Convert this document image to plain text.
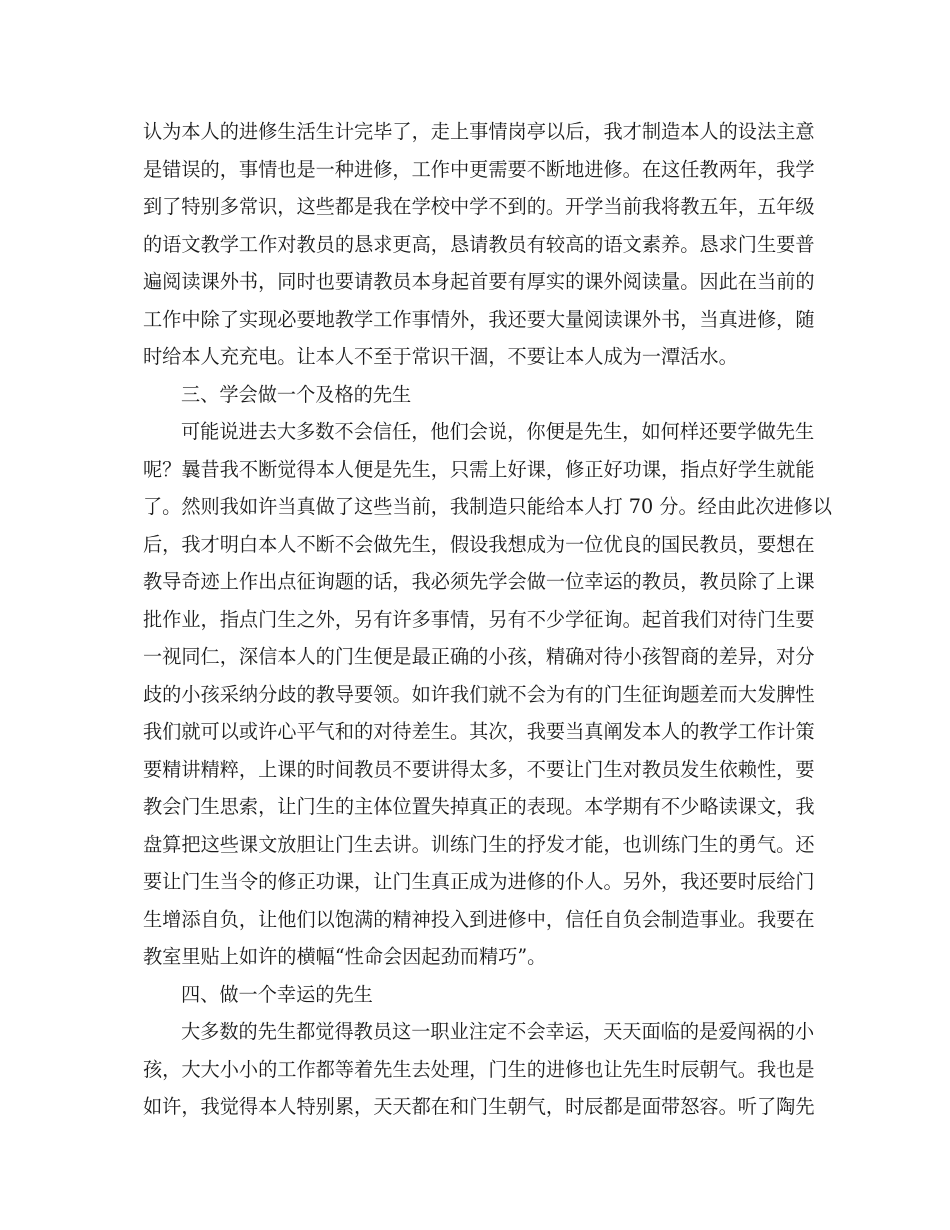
认为本人的进修生活生计完毕了，走上事情岗亭以后，我才制造本人的设法主意
是错误的，事情也是一种进修，工作中更需要不断地进修。在这任教两年，我学
到了特别多常识，这些都是我在学校中学不到的。开学当前我将教五年，五年级
的语文教学工作对教员的恳求更高，恳请教员有较高的语文素养。恳求门生要普
遍阅读课外书，同时也要请教员本身起首要有厚实的课外阅读量。因此在当前的
工作中除了实现必要地教学工作事情外，我还要大量阅读课外书，当真进修，随
时给本人充充电。让本人不至于常识干涸，不要让本人成为一潭活水。
三、学会做一个及格的先生
可能说进去大多数不会信任，他们会说，你便是先生，如何样还要学做先生
呢？曩昔我不断觉得本人便是先生，只需上好课，修正好功课，指点好学生就能
了。然则我如许当真做了这些当前，我制造只能给本人打 70 分。经由此次进修以
后，我才明白本人不断不会做先生，假设我想成为一位优良的国民教员，要想在
教导奇迹上作出点征询题的话，我必须先学会做一位幸运的教员，教员除了上课
批作业，指点门生之外，另有许多事情，另有不少学征询。起首我们对待门生要
一视同仁，深信本人的门生便是最正确的小孩，精确对待小孩智商的差异，对分
歧的小孩采纳分歧的教导要领。如许我们就不会为有的门生征询题差而大发脾性
我们就可以或许心平气和的对待差生。其次，我要当真阐发本人的教学工作计策
要精讲精粹，上课的时间教员不要讲得太多，不要让门生对教员发生依赖性，要
教会门生思索，让门生的主体位置失掉真正的表现。本学期有不少略读课文，我
盘算把这些课文放胆让门生去讲。训练门生的抒发才能，也训练门生的勇气。还
要让门生当令的修正功课，让门生真正成为进修的仆人。另外，我还要时辰给门
生增添自负，让他们以饱满的精神投入到进修中，信任自负会制造事业。我要在
教室里贴上如许的横幅“性命会因起劲而精巧”。
四、做一个幸运的先生
大多数的先生都觉得教员这一职业注定不会幸运，天天面临的是爱闯祸的小
孩，大大小小的工作都等着先生去处理，门生的进修也让先生时辰朝气。我也是
如许，我觉得本人特别累，天天都在和门生朝气，时辰都是面带怒容。听了陶先
